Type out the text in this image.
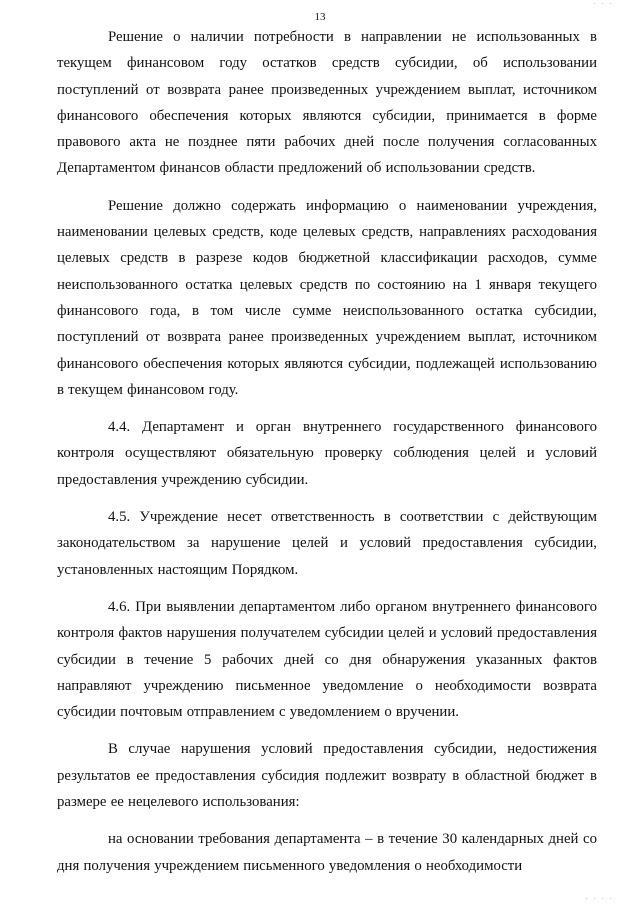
13

Решение о наличии потребности в направлении не использованных в текущем финансовом году остатков средств субсидии, об использовании поступлений от возврата ранее произведенных учреждением выплат, источником финансового обеспечения которых являются субсидии, принимается в форме правового акта не позднее пяти рабочих дней после получения согласованных Департаментом финансов области предложений об использовании средств.

Решение должно содержать информацию о наименовании учреждения, наименовании целевых средств, коде целевых средств, направлениях расходования целевых средств в разрезе кодов бюджетной классификации расходов, сумме неиспользованного остатка целевых средств по состоянию на 1 января текущего финансового года, в том числе сумме неиспользованного остатка субсидии, поступлений от возврата ранее произведенных учреждением выплат, источником финансового обеспечения которых являются субсидии, подлежащей использованию в текущем финансовом году.

4.4. Департамент и орган внутреннего государственного финансового контроля осуществляют обязательную проверку соблюдения целей и условий предоставления учреждению субсидии.

4.5. Учреждение несет ответственность в соответствии с действующим законодательством за нарушение целей и условий предоставления субсидии, установленных настоящим Порядком.

4.6. При выявлении департаментом либо органом внутреннего финансового контроля фактов нарушения получателем субсидии целей и условий предоставления субсидии в течение 5 рабочих дней со дня обнаружения указанных фактов направляют учреждению письменное уведомление о необходимости возврата субсидии почтовым отправлением с уведомлением о вручении.

В случае нарушения условий предоставления субсидии, недостижения результатов ее предоставления субсидия подлежит возврату в областной бюджет в размере ее нецелевого использования:

на основании требования департамента – в течение 30 календарных дней со дня получения учреждением письменного уведомления о необходимости

· · ·
· · · ·
